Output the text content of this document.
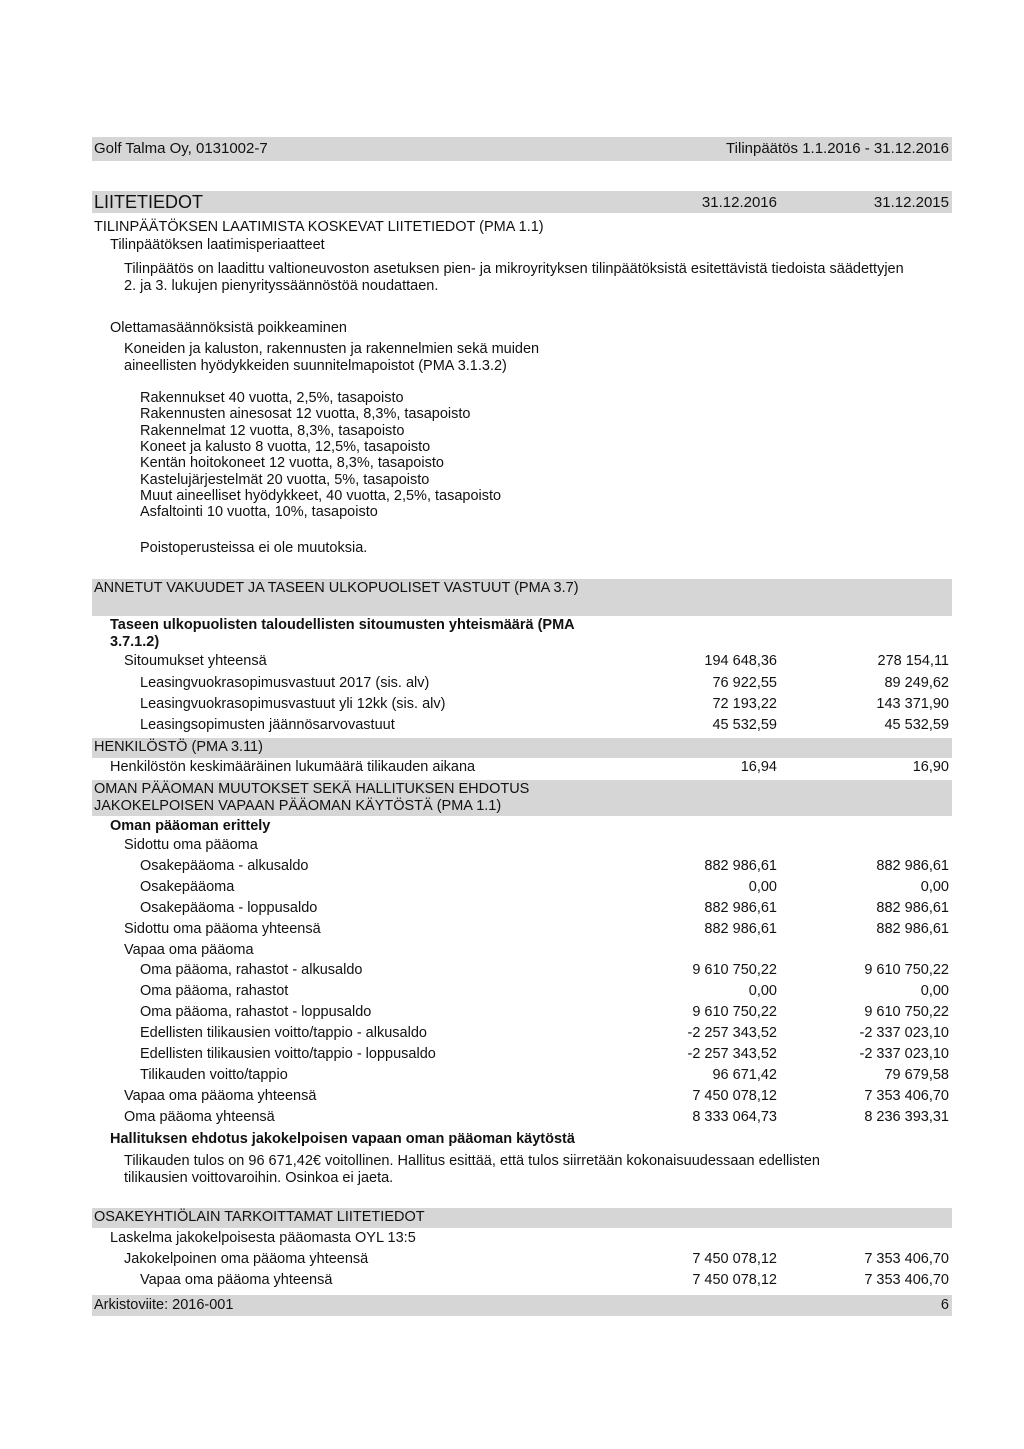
Golf Talma Oy, 0131002-7	Tilinpäätös 1.1.2016 - 31.12.2016
LIITETIEDOT	31.12.2016	31.12.2015
TILINPÄÄTÖKSEN LAATIMISTA KOSKEVAT LIITETIEDOT (PMA 1.1)
Tilinpäätöksen laatimisperiaatteet
Tilinpäätös on laadittu valtioneuvoston asetuksen pien- ja mikroyrityksen tilinpäätöksistä esitettävistä tiedoista säädettyjen 2. ja 3. lukujen pienyrityssäännöstöä noudattaen.
Olettamasäännöksistä poikkeaminen
Koneiden ja kaluston, rakennusten ja rakennelmien sekä muiden aineellisten hyödykkeiden suunnitelmapoistot (PMA 3.1.3.2)
Rakennukset 40 vuotta, 2,5%, tasapoisto
Rakennusten ainesosat 12 vuotta, 8,3%, tasapoisto
Rakennelmat 12 vuotta, 8,3%, tasapoisto
Koneet ja kalusto 8 vuotta, 12,5%, tasapoisto
Kentän hoitokoneet 12 vuotta, 8,3%, tasapoisto
Kastelujärjestelmät 20 vuotta, 5%, tasapoisto
Muut aineelliset hyödykkeet, 40 vuotta, 2,5%, tasapoisto
Asfaltointi 10 vuotta, 10%, tasapoisto
Poistoperusteissa ei ole muutoksia.
ANNETUT VAKUUDET JA TASEEN ULKOPUOLISET VASTUUT (PMA 3.7)
Taseen ulkopuolisten taloudellisten sitoumusten yhteismäärä (PMA 3.7.1.2)
Sitoumukset yhteensä	194 648,36	278 154,11
Leasingvuokrasopimusvastuut 2017 (sis. alv)	76 922,55	89 249,62
Leasingvuokrasopimusvastuut yli 12kk (sis. alv)	72 193,22	143 371,90
Leasingsopimusten jäännösarvovastuut	45 532,59	45 532,59
HENKILÖSTÖ (PMA 3.11)
Henkilöstön keskimääräinen lukumäärä tilikauden aikana	16,94	16,90
OMAN PÄÄOMAN MUUTOKSET SEKÄ HALLITUKSEN EHDOTUS JAKOKELPOISEN VAPAAN PÄÄOMAN KÄYTÖSTÄ (PMA 1.1)
Oman pääoman erittely
Sidottu oma pääoma
Osakepääoma - alkusaldo	882 986,61	882 986,61
Osakepääoma	0,00	0,00
Osakepääoma - loppusaldo	882 986,61	882 986,61
Sidottu oma pääoma yhteensä	882 986,61	882 986,61
Vapaa oma pääoma
Oma pääoma, rahastot - alkusaldo	9 610 750,22	9 610 750,22
Oma pääoma, rahastot	0,00	0,00
Oma pääoma, rahastot - loppusaldo	9 610 750,22	9 610 750,22
Edellisten tilikausien voitto/tappio - alkusaldo	-2 257 343,52	-2 337 023,10
Edellisten tilikausien voitto/tappio - loppusaldo	-2 257 343,52	-2 337 023,10
Tilikauden voitto/tappio	96 671,42	79 679,58
Vapaa oma pääoma yhteensä	7 450 078,12	7 353 406,70
Oma pääoma yhteensä	8 333 064,73	8 236 393,31
Hallituksen ehdotus jakokelpoisen vapaan oman pääoman käytöstä
Tilikauden tulos on 96 671,42€ voitollinen. Hallitus esittää, että tulos siirretään kokonaisuudessaan edellisten tilikausien voittovaroihin. Osinkoa ei jaeta.
OSAKEYHTIÖLAIN TARKOITTAMAT LIITETIEDOT
Laskelma jakokelpoisesta pääomasta OYL 13:5
Jakokelpoinen oma pääoma yhteensä	7 450 078,12	7 353 406,70
Vapaa oma pääoma yhteensä	7 450 078,12	7 353 406,70
Arkistoviite: 2016-001	6
